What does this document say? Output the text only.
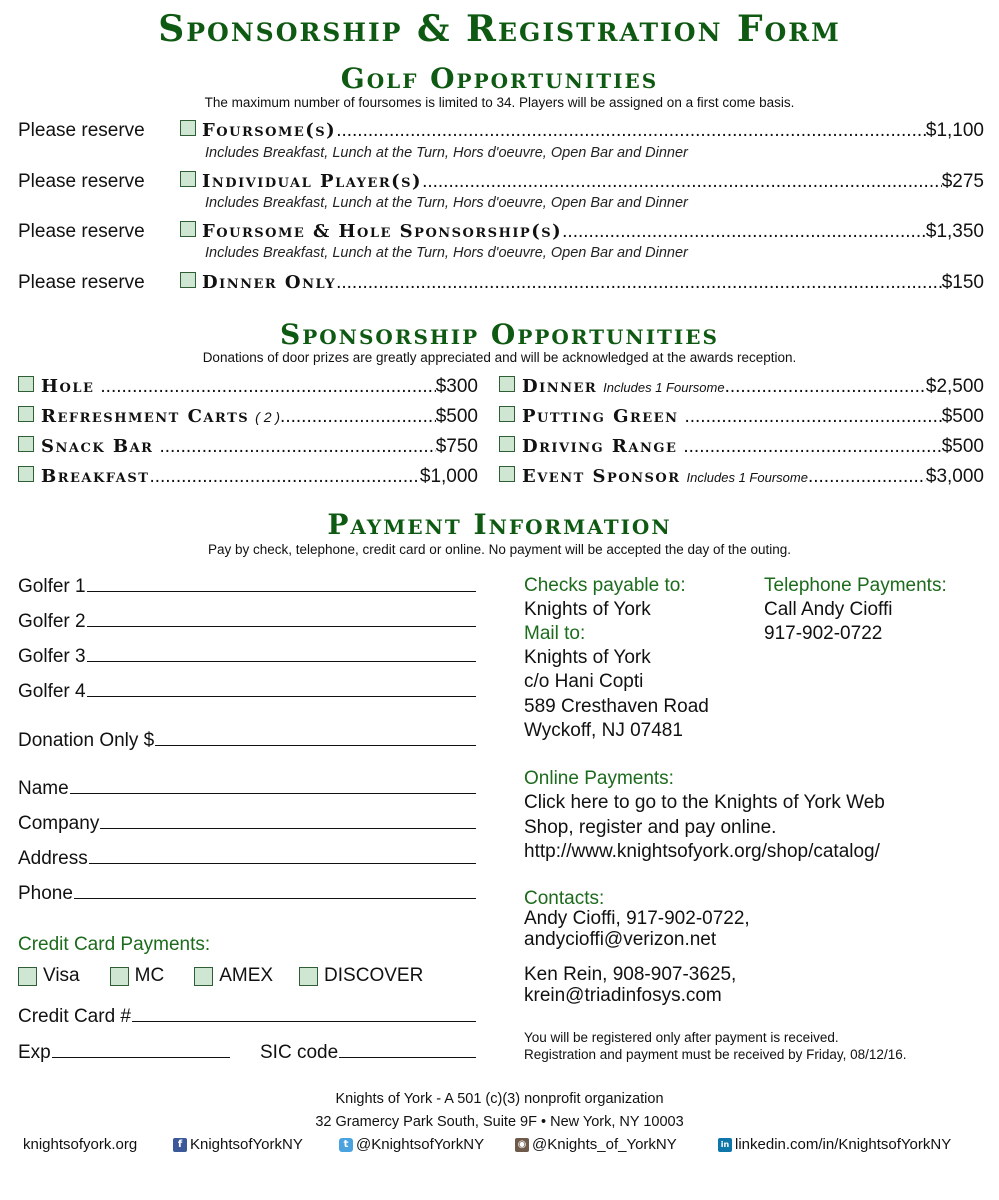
Sponsorship & Registration Form
Golf Opportunities
The maximum number of foursomes is limited to 34. Players will be assigned on a first come basis.
Please reserve	Foursome(s) .....	$1,100
Includes Breakfast, Lunch at the Turn, Hors d'oeuvre, Open Bar and Dinner
Please reserve	Individual Player(s) .....	$275
Includes Breakfast, Lunch at the Turn, Hors d'oeuvre, Open Bar and Dinner
Please reserve	Foursome & Hole Sponsorship(s) .....	$1,350
Includes Breakfast, Lunch at the Turn, Hors d'oeuvre, Open Bar and Dinner
Please reserve	Dinner Only .....	$150
Sponsorship Opportunities
Donations of door prizes are greatly appreciated and will be acknowledged at the awards reception.
Hole .....	$300
Refreshment Carts ( 2 ) .....	$500
Snack Bar .....	$750
Breakfast .....	$1,000
Dinner Includes 1 Foursome .....	$2,500
Putting Green .....	$500
Driving Range .....	$500
Event Sponsor Includes 1 Foursome .....	$3,000
Payment Information
Pay by check, telephone, credit card or online. No payment will be accepted the day of the outing.
Golfer 1
Golfer 2
Golfer 3
Golfer 4
Donation Only $
Name
Company
Address
Phone
Credit Card Payments:
Visa	MC	AMEX	DISCOVER
Credit Card #
Exp	SIC code
Checks payable to:
Knights of York
Mail to:
Knights of York
c/o Hani Copti
589 Cresthaven Road
Wyckoff, NJ 07481
Telephone Payments:
Call Andy Cioffi
917-902-0722
Online Payments:
Click here to go to the Knights of York Web
Shop, register and pay online.
http://www.knightsofyork.org/shop/catalog/
Contacts:
Andy Cioffi, 917-902-0722,
andycioffi@verizon.net
Ken Rein, 908-907-3625,
krein@triadinfosys.com
You will be registered only after payment is received.
Registration and payment must be received by Friday, 08/12/16.
Knights of York - A 501 (c)(3) nonprofit organization
32 Gramercy Park South, Suite 9F • New York, NY 10003
knightsofyork.org	f KnightsofYorkNY	t @KnightsofYorkNY	◉ @Knights_of_YorkNY	in linkedin.com/in/KnightsofYorkNY
